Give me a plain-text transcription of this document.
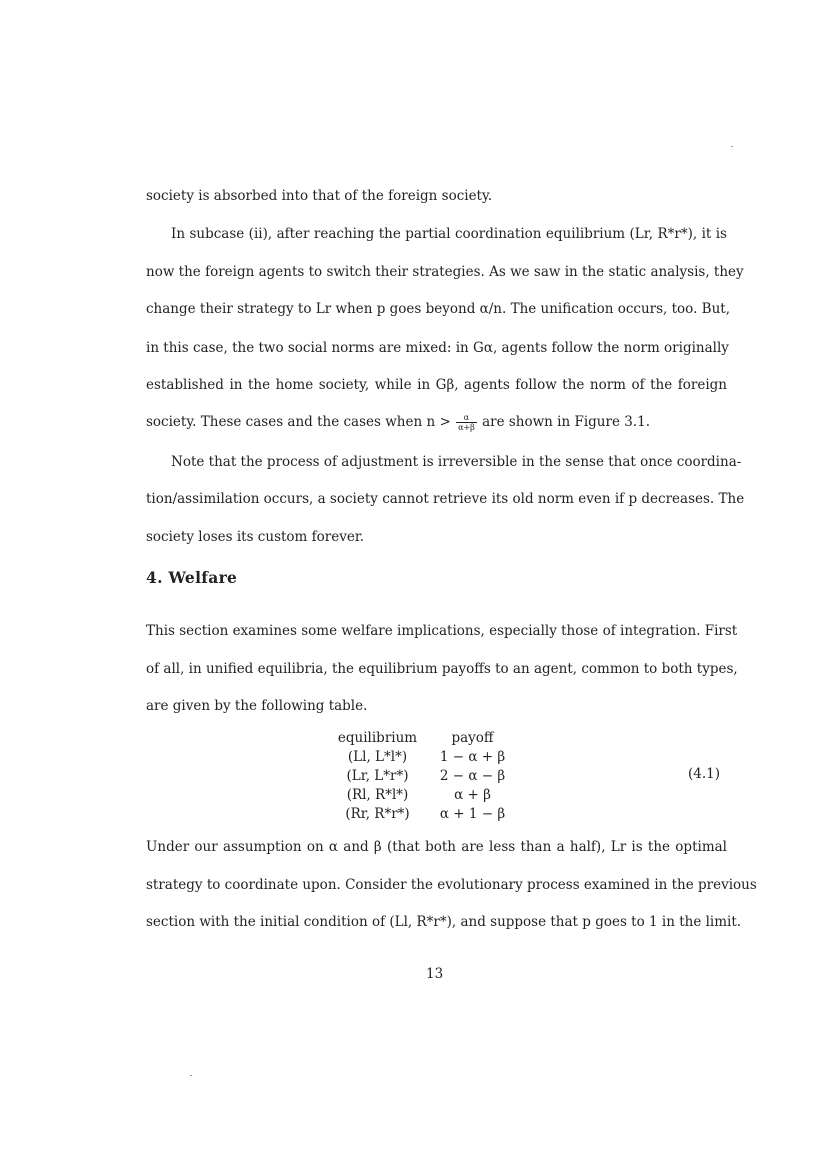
society is absorbed into that of the foreign society.
In subcase (ii), after reaching the partial coordination equilibrium (Lr, R*r*), it is
now the foreign agents to switch their strategies. As we saw in the static analysis, they
change their strategy to Lr when p goes beyond α/n. The unification occurs, too. But,
in this case, the two social norms are mixed: in Gα, agents follow the norm originally
established in the home society, while in Gβ, agents follow the norm of the foreign
society. These cases and the cases when $n > \frac{\alpha}{\alpha+\beta}$ are shown in Figure 3.1.
Note that the process of adjustment is irreversible in the sense that once coordina-
tion/assimilation occurs, a society cannot retrieve its old norm even if p decreases. The
society loses its custom forever.
4. Welfare
This section examines some welfare implications, especially those of integration. First
of all, in unified equilibria, the equilibrium payoffs to an agent, common to both types,
are given by the following table.
equilibrium	payoff
(Ll, L*l*)	1 − α + β
(Lr, L*r*)	2 − α − β
(Rl, R*l*)	α + β
(Rr, R*r*)	α + 1 − β
(4.1)
Under our assumption on α and β (that both are less than a half), Lr is the optimal
strategy to coordinate upon. Consider the evolutionary process examined in the previous
section with the initial condition of (Ll, R*r*), and suppose that p goes to 1 in the limit.
13
